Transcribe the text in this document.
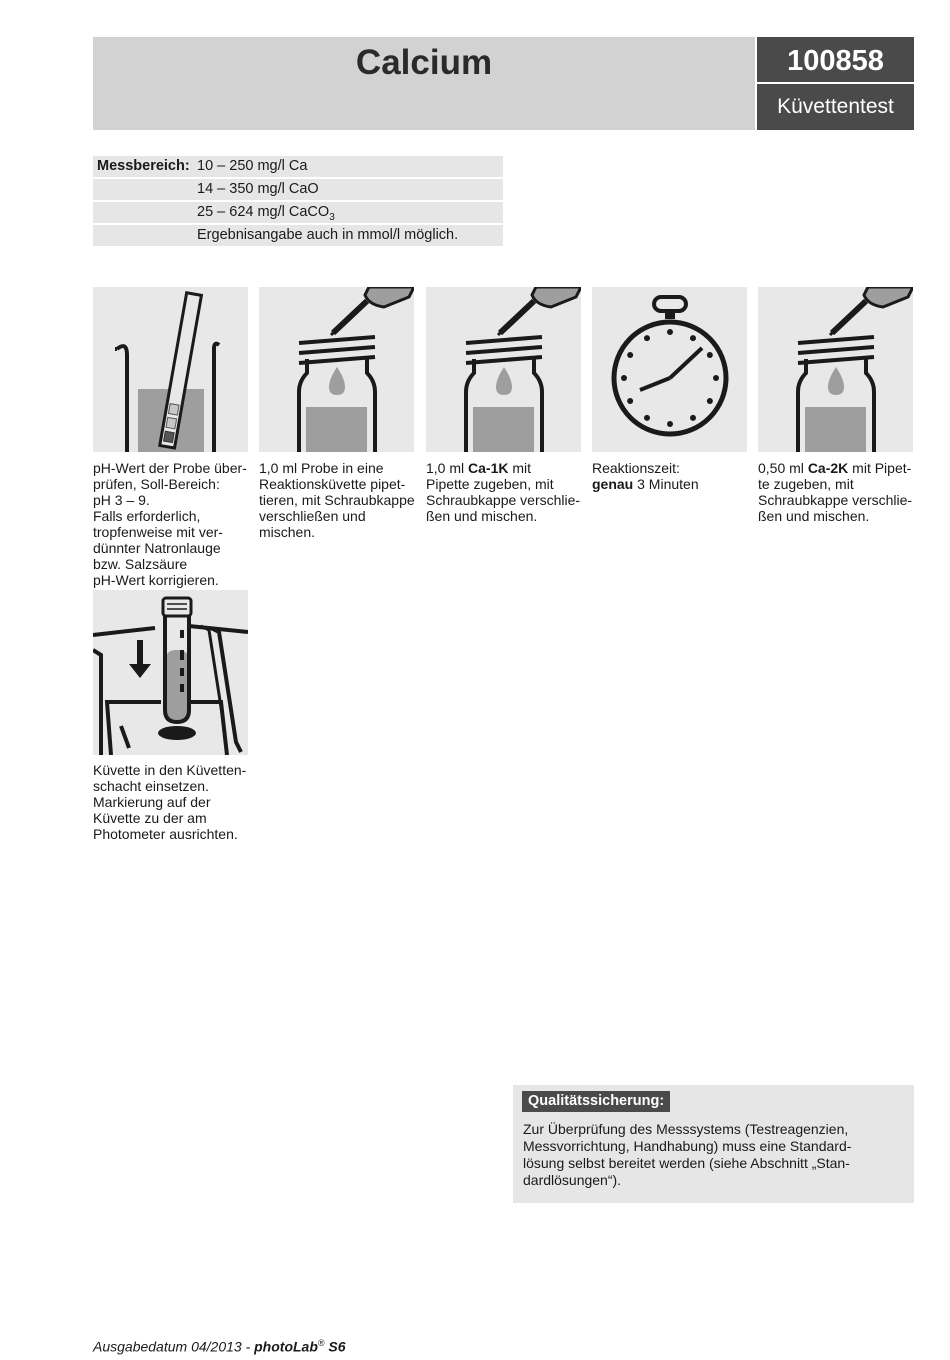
Calcium	100858
Küvettentest
Messbereich: 10 – 250 mg/l Ca
14 – 350 mg/l CaO
25 – 624 mg/l CaCO$_3$
Ergebnisangabe auch in mmol/l möglich.

pH-Wert der Probe über-

prüfen, Soll-Bereich:

pH 3 – 9.

Falls erforderlich,

tropfenweise mit ver-

dünnter Natronlauge

bzw. Salzsäure

pH-Wert korrigieren.

1,0 ml Probe in eine

Reaktionsküvette pipet-

tieren, mit Schraubkappe

verschließen und

mischen.

1,0 ml Ca-1K mit

Pipette zugeben, mit

Schraubkappe verschlie-

ßen und mischen.

Reaktionszeit:

genau 3 Minuten

0,50 ml Ca-2K mit Pipet-

te zugeben, mit

Schraubkappe verschlie-

ßen und mischen.

Küvette in den Küvetten-

schacht einsetzen.

Markierung auf der

Küvette zu der am

Photometer ausrichten.

Qualitätssicherung:
Zur Überprüfung des Messsystems (Testreagenzien,
Messvorrichtung, Handhabung) muss eine Standard-
lösung selbst bereitet werden (siehe Abschnitt „Stan-
dardlösungen“).
Ausgabedatum 04/2013 - photoLab® S6
